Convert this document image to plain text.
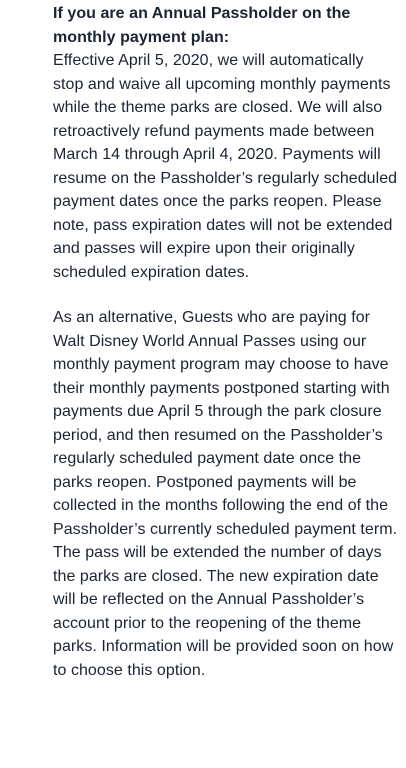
If you are an Annual Passholder on the monthly payment plan:
Effective April 5, 2020, we will automatically stop and waive all upcoming monthly payments while the theme parks are closed. We will also retroactively refund payments made between March 14 through April 4, 2020. Payments will resume on the Passholder’s regularly scheduled payment dates once the parks reopen. Please note, pass expiration dates will not be extended and passes will expire upon their originally scheduled expiration dates.

As an alternative, Guests who are paying for Walt Disney World Annual Passes using our monthly payment program may choose to have their monthly payments postponed starting with payments due April 5 through the park closure period, and then resumed on the Passholder’s regularly scheduled payment date once the parks reopen. Postponed payments will be collected in the months following the end of the Passholder’s currently scheduled payment term. The pass will be extended the number of days the parks are closed. The new expiration date will be reflected on the Annual Passholder’s account prior to the reopening of the theme parks. Information will be provided soon on how to choose this option.
